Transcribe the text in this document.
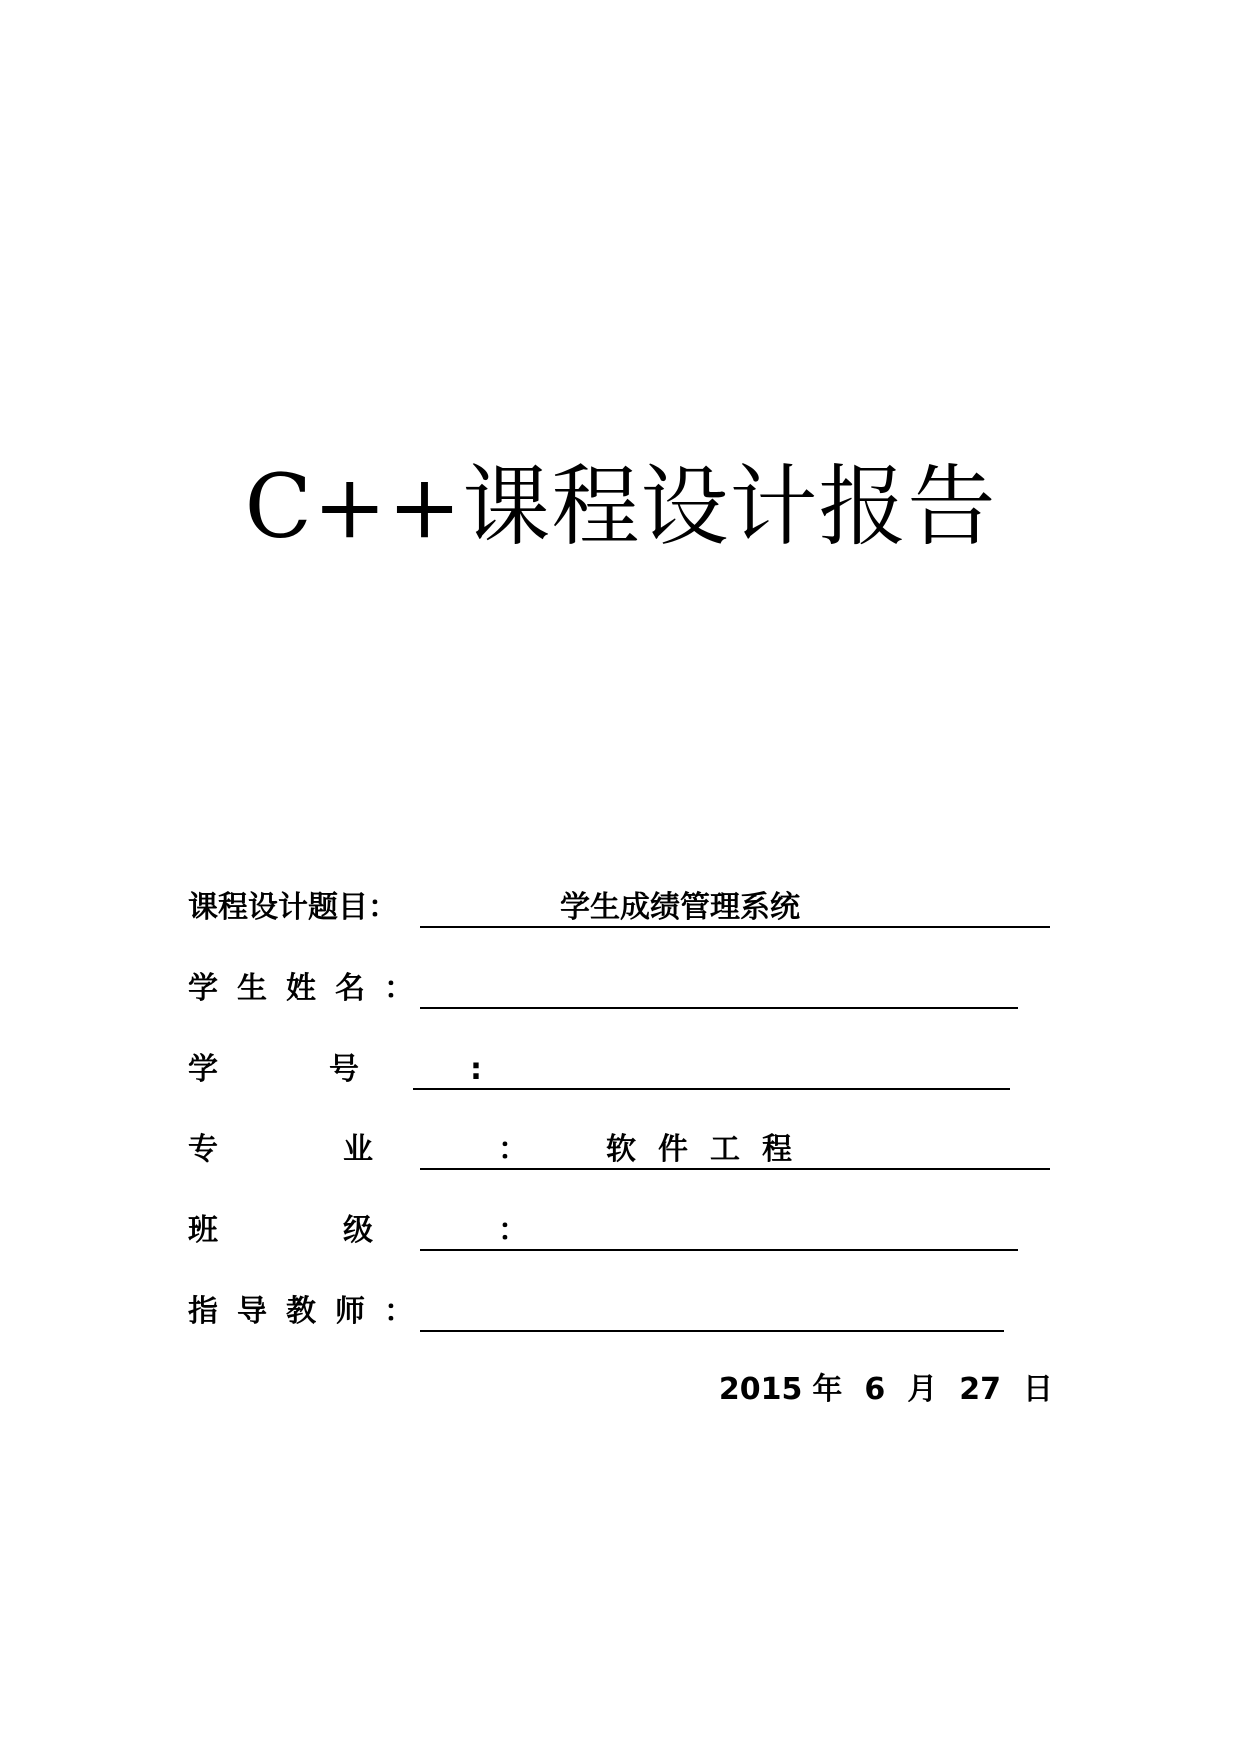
C++课程设计报告
课程设计题目：	学生成绩管理系统
学生姓名：
学号:
专业：
软件工程
班级：
指导教师：
2015 年 6 月 27 日
